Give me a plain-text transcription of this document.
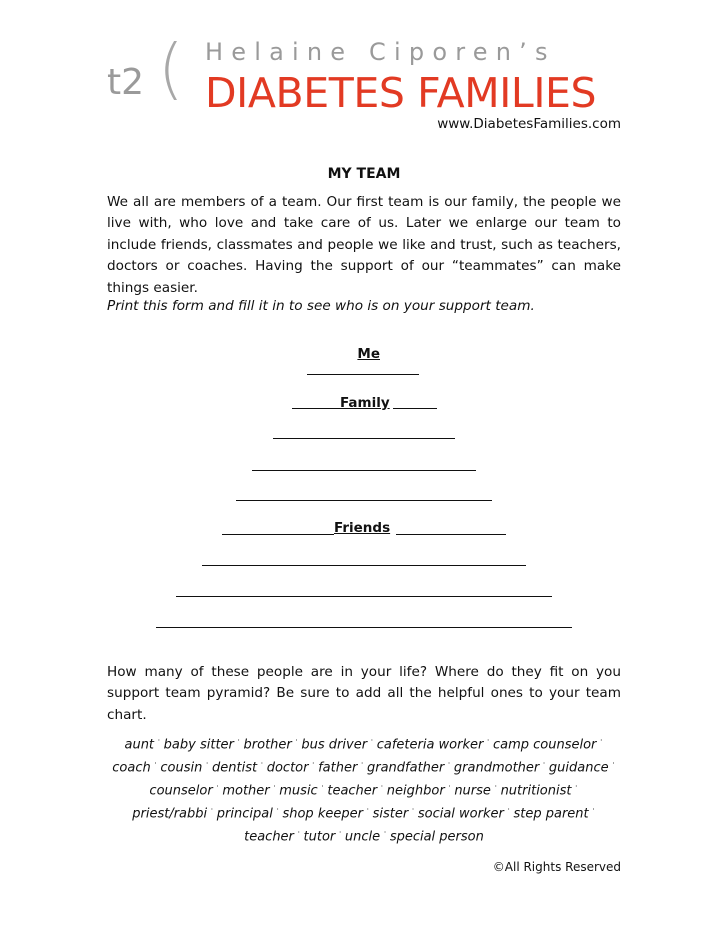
t2 ( Helaine Ciporen’s
DIABETES FAMILIES
www.DiabetesFamilies.com
MY TEAM
We all are members of a team. Our first team is our family, the people we live with, who love and take care of us. Later we enlarge our team to include friends, classmates and people we like and trust, such as teachers, doctors or coaches. Having the support of our “teammates” can make things easier.
Print this form and fill it in to see who is on your support team.

Me

Family
Friends
How many of these people are in your life? Where do they fit on you support team pyramid? Be sure to add all the helpful ones to your team chart.
aunt · baby sitter · brother · bus driver · cafeteria worker · camp counselor ·
coach · cousin · dentist · doctor · father · grandfather · grandmother · guidance ·
counselor · mother · music · teacher · neighbor · nurse · nutritionist ·
priest/rabbi · principal · shop keeper · sister · social worker · step parent ·
teacher · tutor · uncle · special person
©All Rights Reserved
